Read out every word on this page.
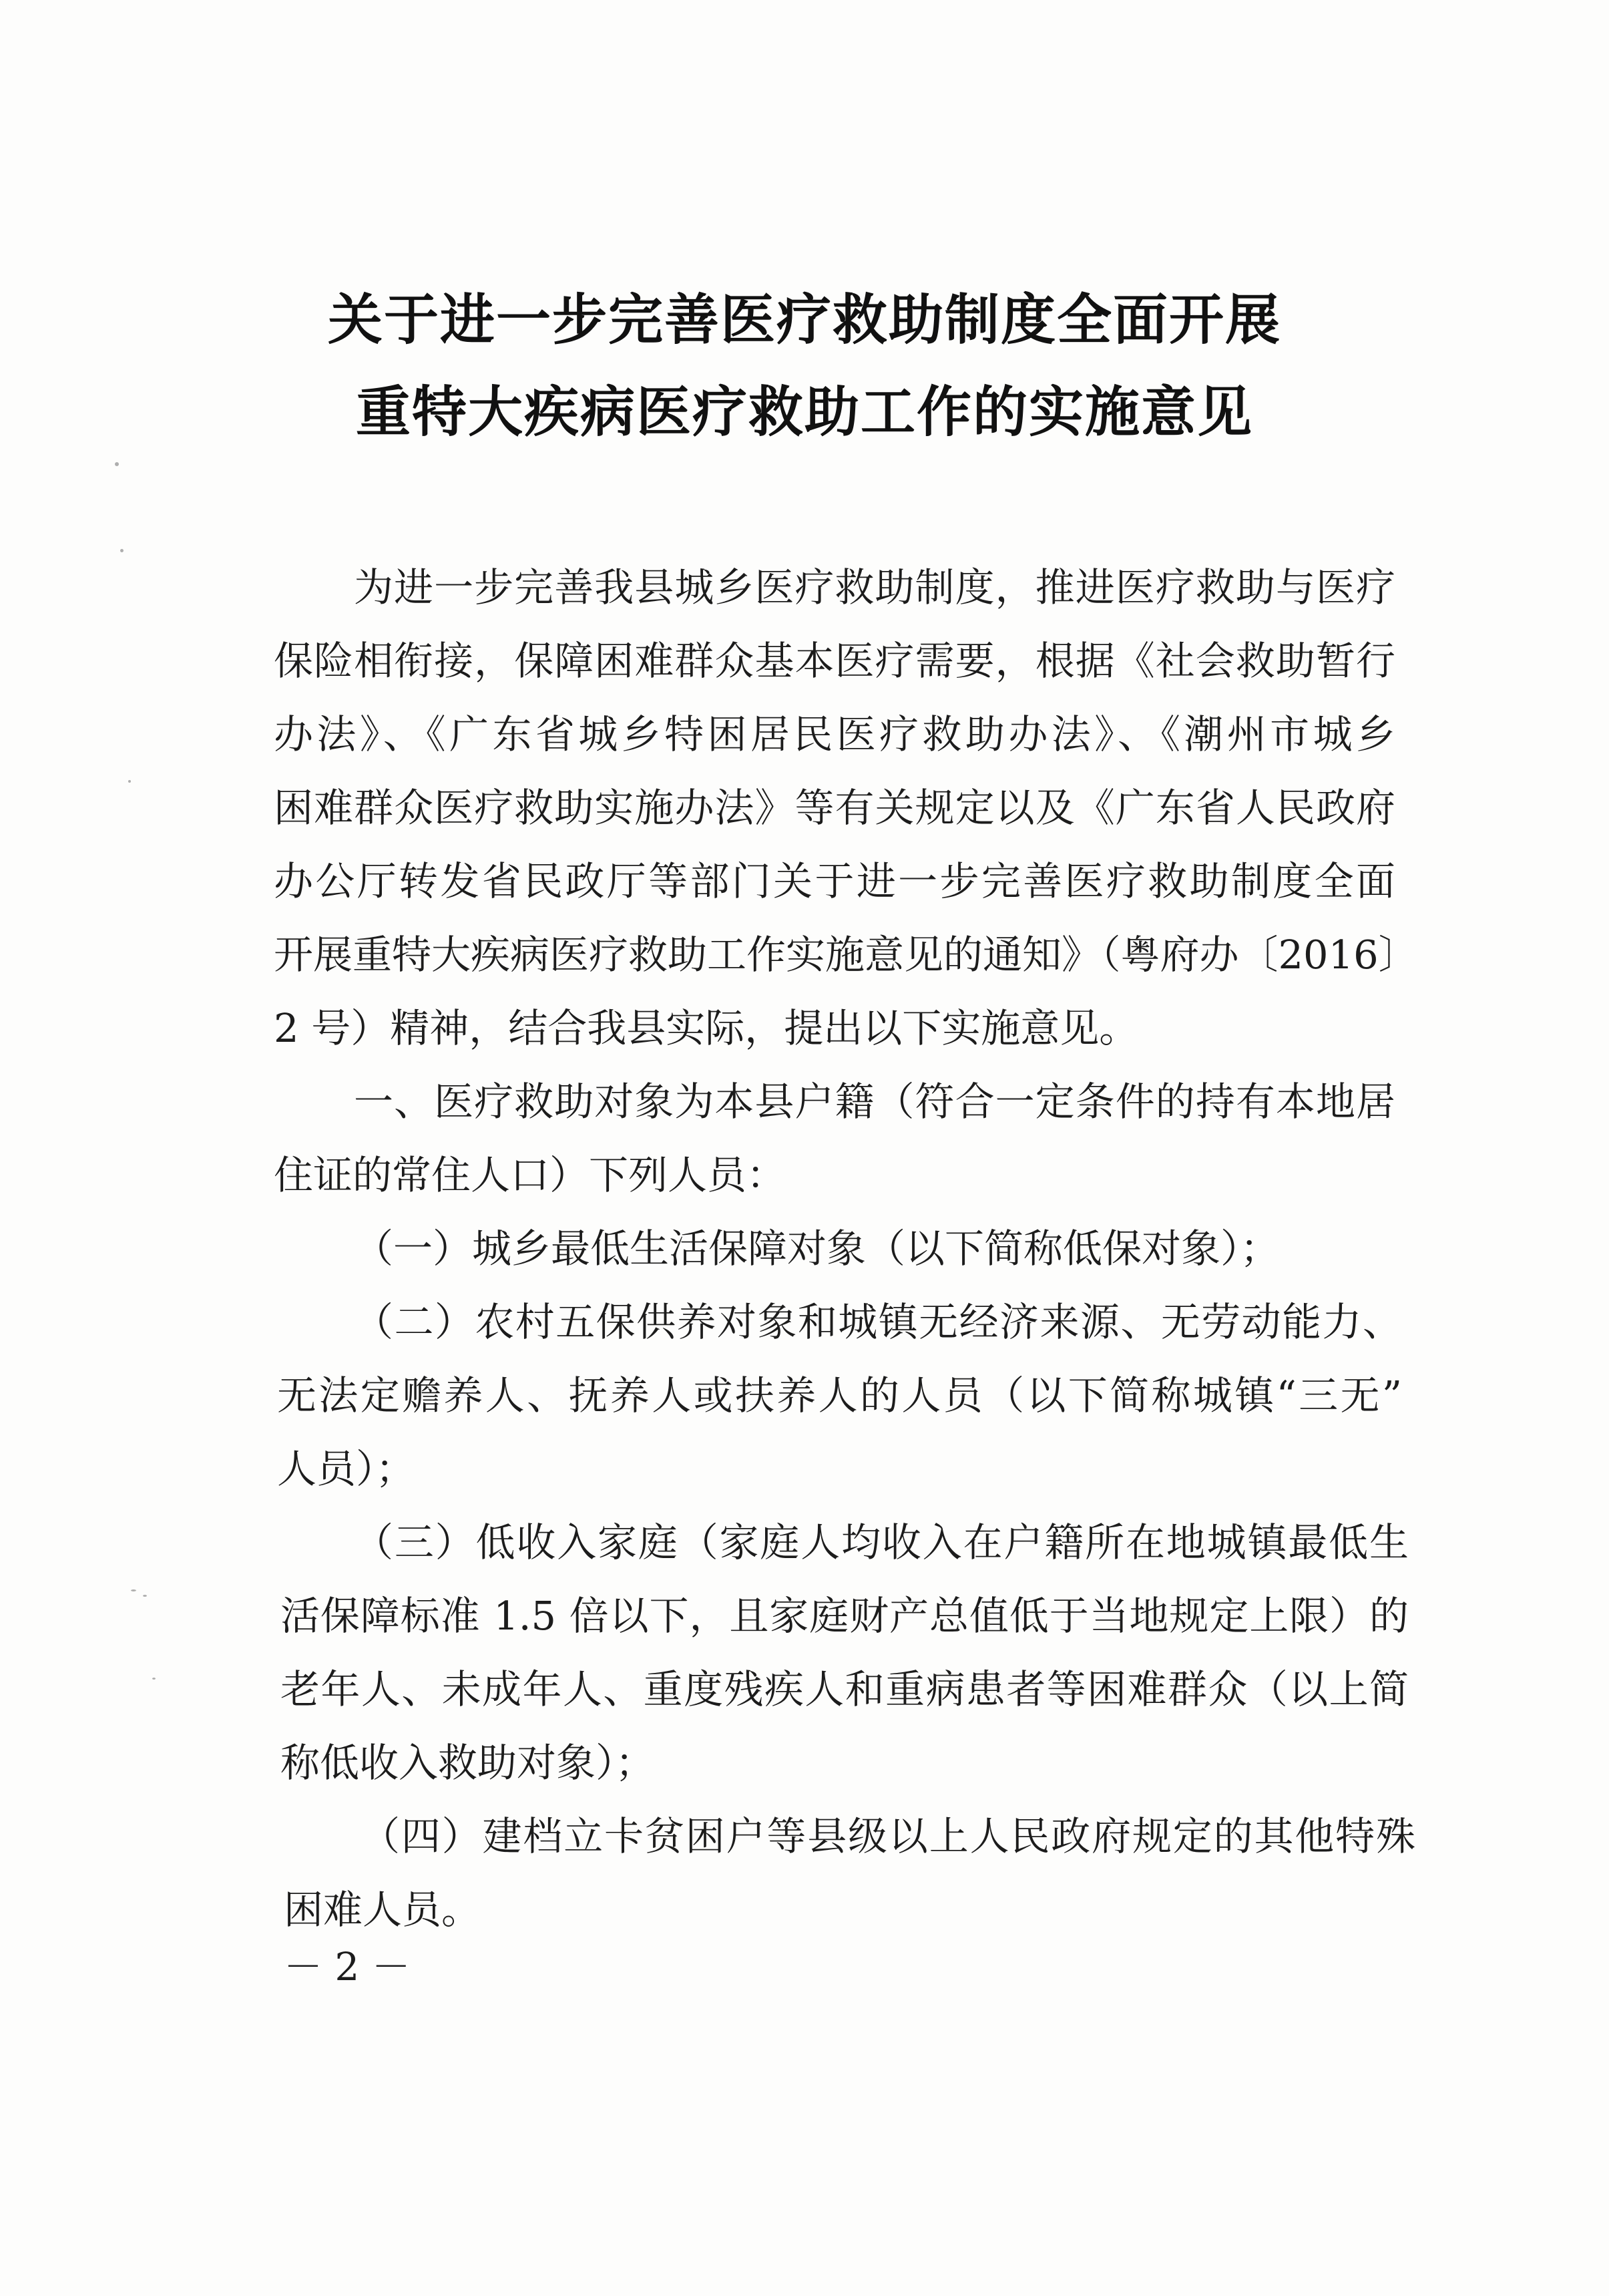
关于进一步完善医疗救助制度全面开展
重特大疾病医疗救助工作的实施意见
为进一步完善我县城乡医疗救助制度，推进医疗救助与医疗
保险相衔接，保障困难群众基本医疗需要，根据《社会救助暂行
办法》、《广东省城乡特困居民医疗救助办法》、《潮州市城乡
困难群众医疗救助实施办法》等有关规定以及《广东省人民政府
办公厅转发省民政厅等部门关于进一步完善医疗救助制度全面
开展重特大疾病医疗救助工作实施意见的通知》（粤府办〔2016〕
2 号）精神，结合我县实际，提出以下实施意见。
一、医疗救助对象为本县户籍（符合一定条件的持有本地居
住证的常住人口）下列人员：
（一）城乡最低生活保障对象（以下简称低保对象）；
（二）农村五保供养对象和城镇无经济来源、无劳动能力、
无法定赡养人、抚养人或扶养人的人员（以下简称城镇“三无”
人员）；
（三）低收入家庭（家庭人均收入在户籍所在地城镇最低生
活保障标准 1.5 倍以下，且家庭财产总值低于当地规定上限）的
老年人、未成年人、重度残疾人和重病患者等困难群众（以上简
称低收入救助对象）；
（四）建档立卡贫困户等县级以上人民政府规定的其他特殊
困难人员。
－ 2 －
